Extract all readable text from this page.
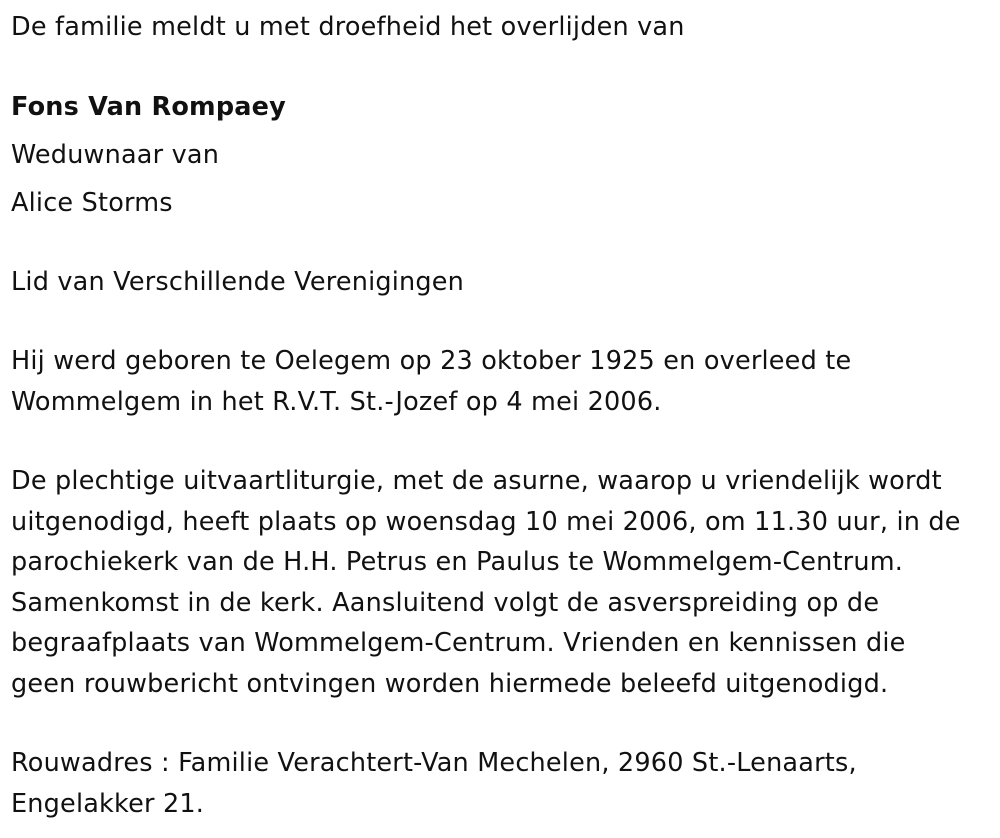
De familie meldt u met droefheid het overlijden van
Fons Van Rompaey
Weduwnaar van
Alice Storms
Lid van Verschillende Verenigingen
Hij werd geboren te Oelegem op 23 oktober 1925 en overleed te
Wommelgem in het R.V.T. St.-Jozef op 4 mei 2006.
De plechtige uitvaartliturgie, met de asurne, waarop u vriendelijk wordt
uitgenodigd, heeft plaats op woensdag 10 mei 2006, om 11.30 uur, in de
parochiekerk van de H.H. Petrus en Paulus te Wommelgem-Centrum.
Samenkomst in de kerk. Aansluitend volgt de asverspreiding op de
begraafplaats van Wommelgem-Centrum. Vrienden en kennissen die
geen rouwbericht ontvingen worden hiermede beleefd uitgenodigd.
Rouwadres : Familie Verachtert-Van Mechelen, 2960 St.-Lenaarts,
Engelakker 21.
